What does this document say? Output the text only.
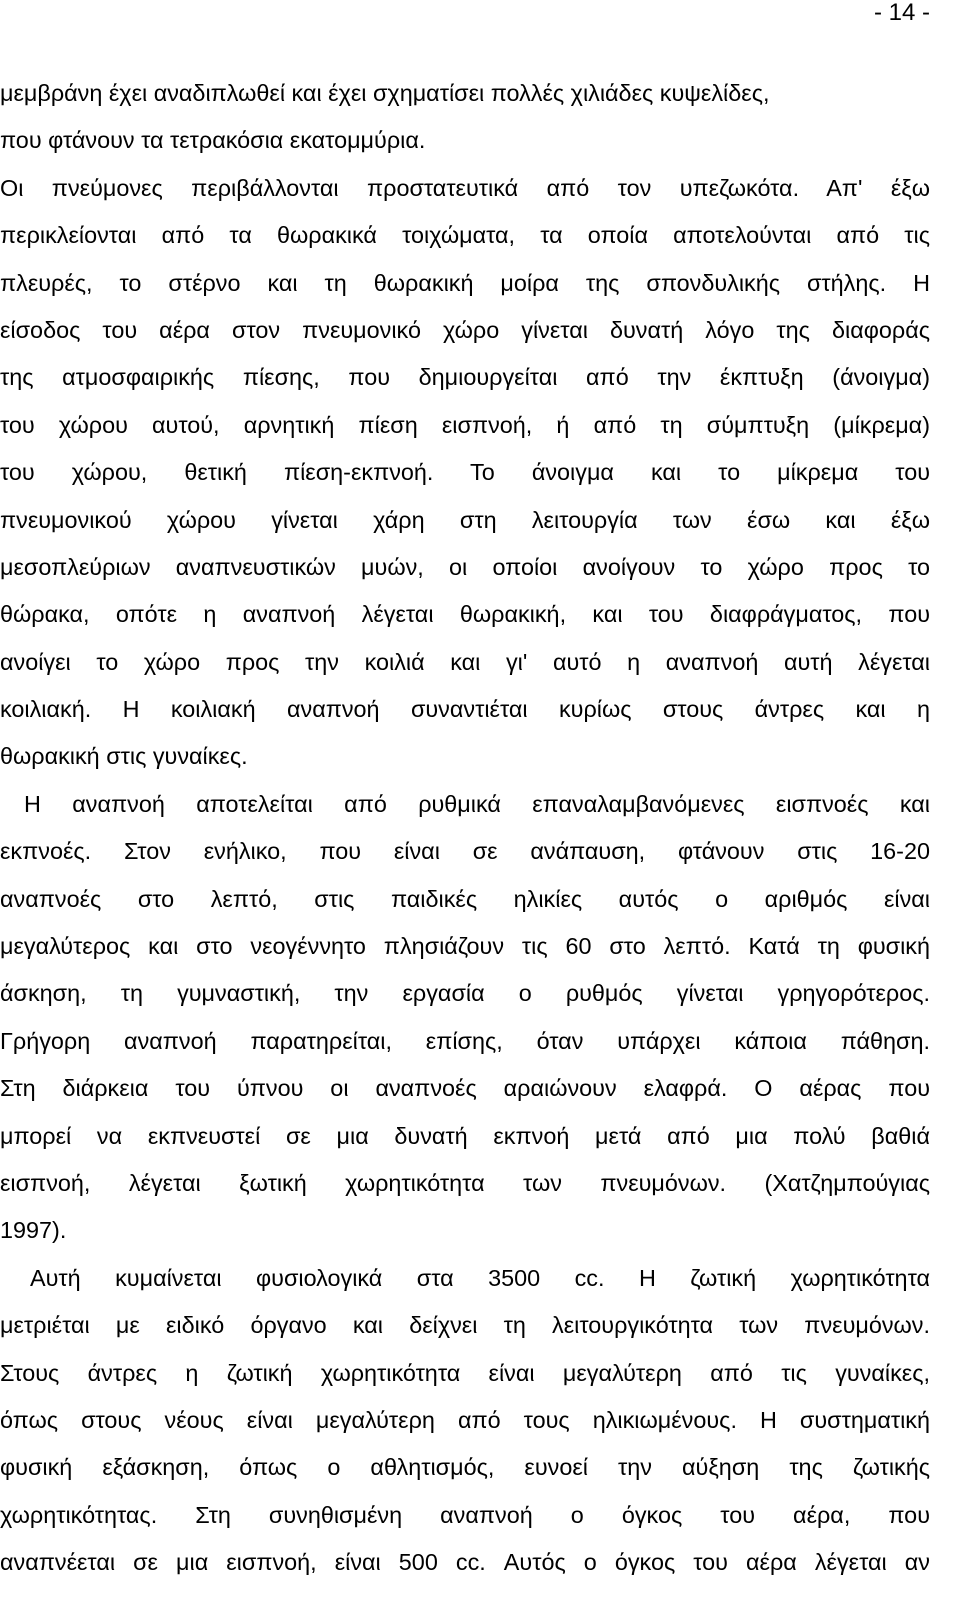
- 14 -
μεμβράνη έχει αναδιπλωθεί και έχει σχηματίσει πολλές χιλιάδες κυψελίδες,
που φτάνουν τα τετρακόσια εκατομμύρια.
Οι πνεύμονες περιβάλλονται προστατευτικά από τον υπεζωκότα. Απ' έξω
περικλείονται από τα θωρακικά τοιχώματα, τα οποία αποτελούνται από τις
πλευρές, το στέρνο και τη θωρακική μοίρα της σπονδυλικής στήλης. Η
είσοδος του αέρα στον πνευμονικό χώρο γίνεται δυνατή λόγο της διαφοράς
της ατμοσφαιρικής πίεσης, που δημιουργείται από την έκπτυξη (άνοιγμα)
του χώρου αυτού, αρνητική πίεση εισπνοή, ή από τη σύμπτυξη (μίκρεμα)
του χώρου, θετική πίεση-εκπνοή. Το άνοιγμα και το μίκρεμα του
πνευμονικού χώρου γίνεται χάρη στη λειτουργία των έσω και έξω
μεσοπλεύριων αναπνευστικών μυών, οι οποίοι ανοίγουν το χώρο προς το
θώρακα, οπότε η αναπνοή λέγεται θωρακική, και του διαφράγματος, που
ανοίγει το χώρο προς την κοιλιά και γι' αυτό η αναπνοή αυτή λέγεται
κοιλιακή. Η κοιλιακή αναπνοή συναντιέται κυρίως στους άντρες και η
θωρακική στις γυναίκες.
Η αναπνοή αποτελείται από ρυθμικά επαναλαμβανόμενες εισπνοές και
εκπνοές. Στον ενήλικο, που είναι σε ανάπαυση, φτάνουν στις 16-20
αναπνοές στο λεπτό, στις παιδικές ηλικίες αυτός ο αριθμός είναι
μεγαλύτερος και στο νεογέννητο πλησιάζουν τις 60 στο λεπτό. Κατά τη φυσική
άσκηση, τη γυμναστική, την εργασία ο ρυθμός γίνεται γρηγορότερος.
Γρήγορη αναπνοή παρατηρείται, επίσης, όταν υπάρχει κάποια πάθηση.
Στη διάρκεια του ύπνου οι αναπνοές αραιώνουν ελαφρά. Ο αέρας που
μπορεί να εκπνευστεί σε μια δυνατή εκπνοή μετά από μια πολύ βαθιά
εισπνοή, λέγεται ξωτική χωρητικότητα των πνευμόνων. (Χατζημπούγιας
1997).
Αυτή κυμαίνεται φυσιολογικά στα 3500 cc. Η ζωτική χωρητικότητα
μετριέται με ειδικό όργανο και δείχνει τη λειτουργικότητα των πνευμόνων.
Στους άντρες η ζωτική χωρητικότητα είναι μεγαλύτερη από τις γυναίκες,
όπως στους νέους είναι μεγαλύτερη από τους ηλικιωμένους. Η συστηματική
φυσική εξάσκηση, όπως ο αθλητισμός, ευνοεί την αύξηση της ζωτικής
χωρητικότητας. Στη συνηθισμένη αναπνοή ο όγκος του αέρα, που
αναπνέεται σε μια εισπνοή, είναι 500 cc. Αυτός ο όγκος του αέρα λέγεται αν
